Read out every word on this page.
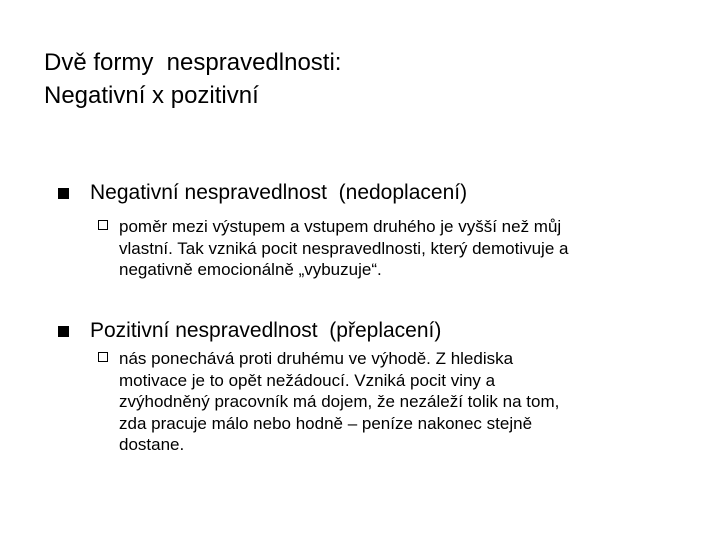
Dvě formy  nespravedlnosti:
Negativní x pozitivní
Negativní nespravedlnost  (nedoplacení)
poměr mezi výstupem a vstupem druhého je vyšší než můj
vlastní. Tak vzniká pocit nespravedlnosti, který demotivuje a
negativně emocionálně „vybuzuje“.
Pozitivní nespravedlnost  (přeplacení)
nás ponechává proti druhému ve výhodě. Z hlediska
motivace je to opět nežádoucí. Vzniká pocit viny a
zvýhodněný pracovník má dojem, že nezáleží tolik na tom,
zda pracuje málo nebo hodně – peníze nakonec stejně
dostane.
